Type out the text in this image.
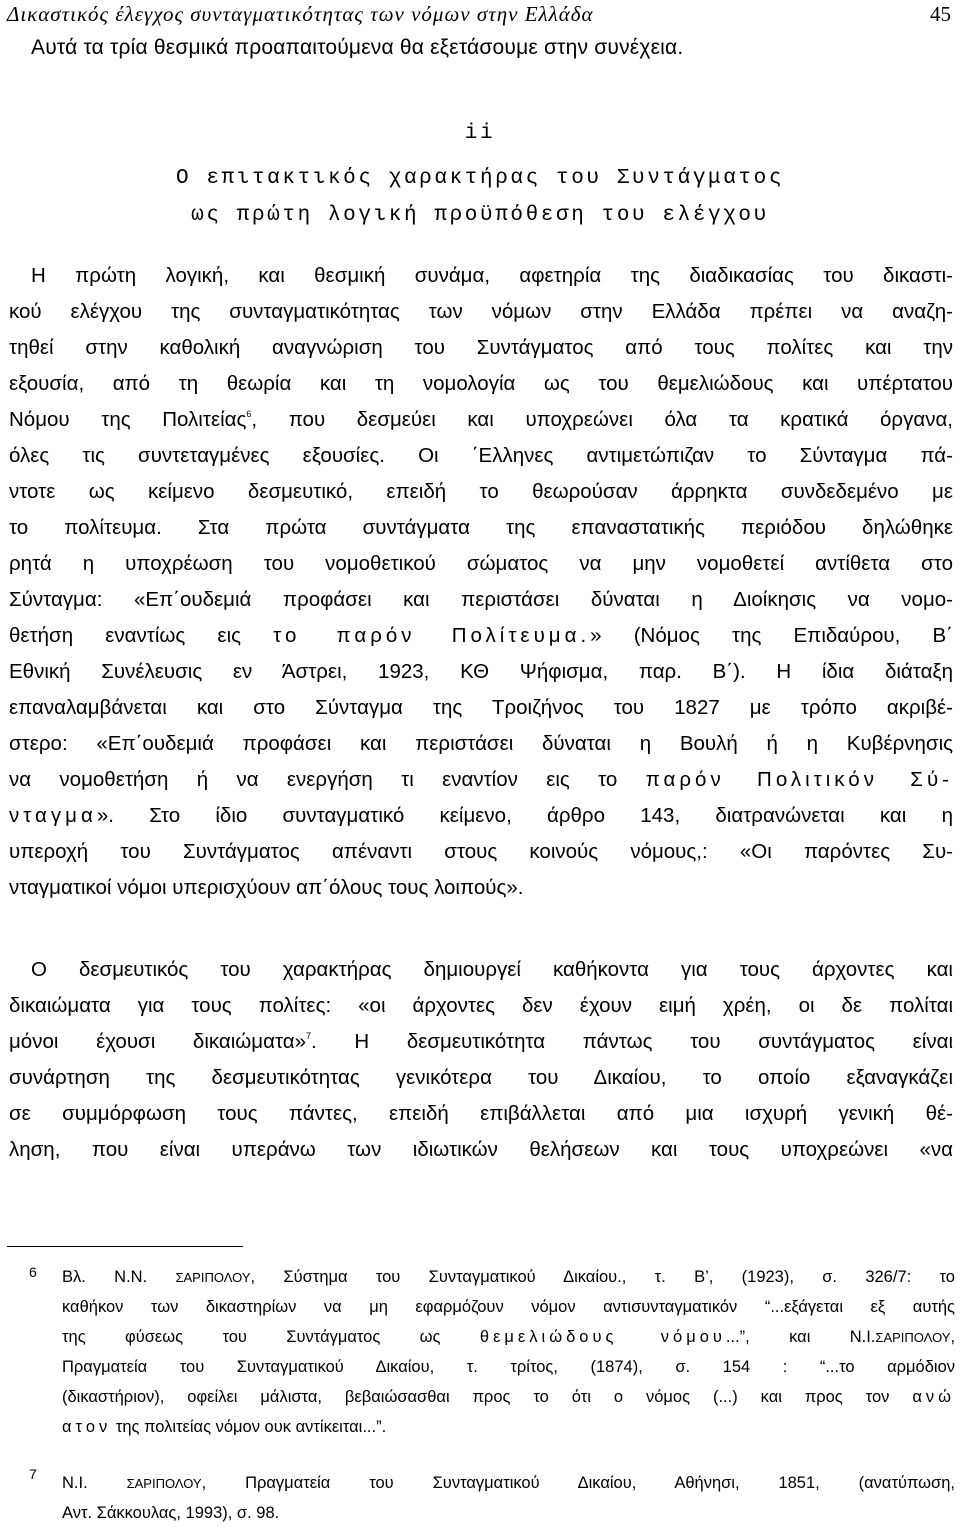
Δικαστικός έλεγχος συνταγματικότητας των νόμων στην Ελλάδα	45
Αυτά τα τρία θεσμικά προαπαιτούμενα θα εξετάσουμε στην συνέχεια.
ii
Ο επιτακτικός χαρακτήρας του Συντάγματος
ως πρώτη λογική προϋπόθεση του ελέγχου
Η πρώτη λογική, και θεσμική συνάμα, αφετηρία της διαδικασίας του δικαστι-
κού ελέγχου της συνταγματικότητας των νόμων στην Ελλάδα πρέπει να αναζη-
τηθεί στην καθολική αναγνώριση του Συντάγματος από τους πολίτες και την
εξουσία, από τη θεωρία και τη νομολογία ως του θεμελιώδους και υπέρτατου
Νόμου της Πολιτείας$^6$, που δεσμεύει και υποχρεώνει όλα τα κρατικά όργανα,
όλες τις συντεταγμένες εξουσίες. Οι ΄Ελληνες αντιμετώπιζαν το Σύνταγμα πά-
ντοτε ως κείμενο δεσμευτικό, επειδή το θεωρούσαν άρρηκτα συνδεδεμένο με
το πολίτευμα. Στα πρώτα συντάγματα της επαναστατικής περιόδου δηλώθηκε
ρητά η υποχρέωση του νομοθετικού σώματος να μην νομοθετεί αντίθετα στο
Σύνταγμα: «Επ΄ουδεμιά προφάσει και περιστάσει δύναται η Διοίκησις να νομο-
θετήση εναντίως εις το παρόν Πολίτευμα.» (Νόμος της Επιδαύρου, Β΄
Εθνική Συνέλευσις εν Άστρει, 1923, ΚΘ Ψήφισμα, παρ. Β΄). Η ίδια διάταξη
επαναλαμβάνεται και στο Σύνταγμα της Τροιζήνος του 1827 με τρόπο ακριβέ-
στερο: «Επ΄ουδεμιά προφάσει και περιστάσει δύναται η Βουλή ή η Κυβέρνησις
να νομοθετήση ή να ενεργήση τι εναντίον εις το παρόν Πολιτικόν Σύ-
νταγμα». Στο ίδιο συνταγματικό κείμενο, άρθρο 143, διατρανώνεται και η
υπεροχή του Συντάγματος απέναντι στους κοινούς νόμους,: «Οι παρόντες Συ-
νταγματικοί νόμοι υπερισχύουν απ΄όλους τους λοιπούς».
Ο δεσμευτικός του χαρακτήρας δημιουργεί καθήκοντα για τους άρχοντες και
δικαιώματα για τους πολίτες: «οι άρχοντες δεν έχουν ειμή χρέη, οι δε πολίται
μόνοι έχουσι δικαιώματα»$^7$. Η δεσμευτικότητα πάντως του συντάγματος είναι
συνάρτηση της δεσμευτικότητας γενικότερα του Δικαίου, το οποίο εξαναγκάζει
σε συμμόρφωση τους πάντες, επειδή επιβάλλεται από μια ισχυρή γενική θέ-
ληση, που είναι υπεράνω των ιδιωτικών θελήσεων και τους υποχρεώνει «να
6 Βλ. Ν.Ν. ΣΑΡΙΠΟΛΟΥ, Σύστημα του Συνταγματικού Δικαίου., τ. Β’, (1923), σ. 326/7: το
καθήκον των δικαστηρίων να μη εφαρμόζουν νόμον αντισυνταγματικόν “...εξάγεται εξ αυτής
της φύσεως του Συντάγματος ως θεμελιώδους νόμου...”, και Ν.Ι.ΣΑΡΙΠΟΛΟΥ,
Πραγματεία του Συνταγματικού Δικαίου, τ. τρίτος, (1874), σ. 154 : “...το αρμόδιον
(δικαστήριον), οφείλει μάλιστα, βεβαιώσασθαι προς το ότι ο νόμος (...) και προς τον ανώ
ατον της πολιτείας νόμον ουκ αντίκειται...”.
7 Ν.Ι.	ΣΑΡΙΠΟΛΟΥ, Πραγματεία του Συνταγματικού Δικαίου, Αθήνησι, 1851, (ανατύπωση,
Αντ. Σάκκουλας, 1993), σ. 98.
